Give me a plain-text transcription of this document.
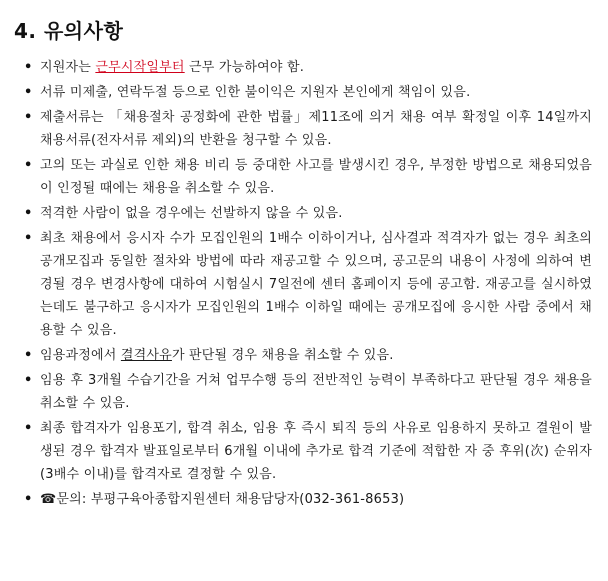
4. 유의사항
• 지원자는 근무시작일부터 근무 가능하여야 함.
• 서류 미제출, 연락두절 등으로 인한 불이익은 지원자 본인에게 책임이 있음.
• 제출서류는 「채용절차 공정화에 관한 법률」제11조에 의거 채용 여부 확정일 이후 14일까지 채용서류(전자서류 제외)의 반환을 청구할 수 있음.
• 고의 또는 과실로 인한 채용 비리 등 중대한 사고를 발생시킨 경우, 부정한 방법으로 채용되었음이 인정될 때에는 채용을 취소할 수 있음.
• 적격한 사람이 없을 경우에는 선발하지 않을 수 있음.
• 최초 채용에서 응시자 수가 모집인원의 1배수 이하이거나, 심사결과 적격자가 없는 경우 최초의 공개모집과 동일한 절차와 방법에 따라 재공고할 수 있으며, 공고문의 내용이 사정에 의하여 변경될 경우 변경사항에 대하여 시험실시 7일전에 센터 홈페이지 등에 공고함. 재공고를 실시하였는데도 불구하고 응시자가 모집인원의 1배수 이하일 때에는 공개모집에 응시한 사람 중에서 채용할 수 있음.
• 임용과정에서 결격사유가 판단될 경우 채용을 취소할 수 있음.
• 임용 후 3개월 수습기간을 거쳐 업무수행 등의 전반적인 능력이 부족하다고 판단될 경우 채용을 취소할 수 있음.
• 최종 합격자가 임용포기, 합격 취소, 임용 후 즉시 퇴직 등의 사유로 임용하지 못하고 결원이 발생된 경우 합격자 발표일로부터 6개월 이내에 추가로 합격 기준에 적합한 자 중 후위(次) 순위자(3배수 이내)를 합격자로 결정할 수 있음.
• ☎문의: 부평구육아종합지원센터 채용담당자(032-361-8653)
